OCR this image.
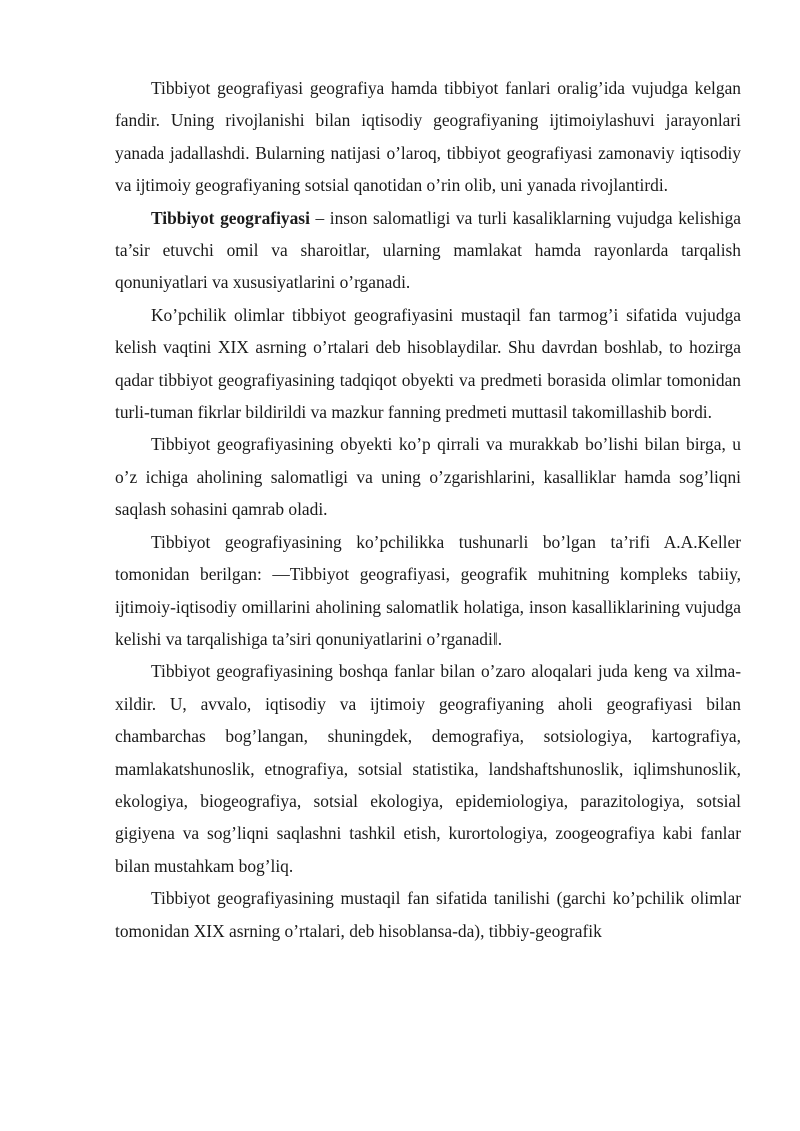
Tibbiyot geografiyasi geografiya hamda tibbiyot fanlari oralig’ida vujudga kelgan fandir. Uning rivojlanishi bilan iqtisodiy geografiyaning ijtimoiylashuvi jarayonlari yanada jadallashdi. Bularning natijasi o’laroq, tibbiyot geografiyasi zamonaviy iqtisodiy va ijtimoiy geografiyaning sotsial qanotidan o’rin olib, uni yanada rivojlantirdi.

Tibbiyot geografiyasi – inson salomatligi va turli kasaliklarning vujudga kelishiga ta’sir etuvchi omil va sharoitlar, ularning mamlakat hamda rayonlarda tarqalish qonuniyatlari va xususiyatlarini o’rganadi.

Ko’pchilik olimlar tibbiyot geografiyasini mustaqil fan tarmog’i sifatida vujudga kelish vaqtini XIX asrning o’rtalari deb hisoblaydilar. Shu davrdan boshlab, to hozirga qadar tibbiyot geografiyasining tadqiqot obyekti va predmeti borasida olimlar tomonidan turli-tuman fikrlar bildirildi va mazkur fanning predmeti muttasil takomillashib bordi.

Tibbiyot geografiyasining obyekti ko’p qirrali va murakkab bo’lishi bilan birga, u o’z ichiga aholining salomatligi va uning o’zgarishlarini, kasalliklar hamda sog’liqni saqlash sohasini qamrab oladi.

Tibbiyot geografiyasining ko’pchilikka tushunarli bo’lgan ta’rifi A.A.Keller tomonidan berilgan: ―Tibbiyot geografiyasi, geografik muhitning kompleks tabiiy, ijtimoiy-iqtisodiy omillarini aholining salomatlik holatiga, inson kasalliklarining vujudga kelishi va tarqalishiga ta’siri qonuniyatlarini o’rganadi‖.

Tibbiyot geografiyasining boshqa fanlar bilan o’zaro aloqalari juda keng va xilma-xildir. U, avvalo, iqtisodiy va ijtimoiy geografiyaning aholi geografiyasi bilan chambarchas bog’langan, shuningdek, demografiya, sotsiologiya, kartografiya, mamlakatshunoslik, etnografiya, sotsial statistika, landshaftshunoslik, iqlimshunoslik, ekologiya, biogeografiya, sotsial ekologiya, epidemiologiya, parazitologiya, sotsial gigiyena va sog’liqni saqlashni tashkil etish, kurortologiya, zoogeografiya kabi fanlar bilan mustahkam bog’liq.

Tibbiyot geografiyasining mustaqil fan sifatida tanilishi (garchi ko’pchilik olimlar tomonidan XIX asrning o’rtalari, deb hisoblansa-da), tibbiy-geografik
